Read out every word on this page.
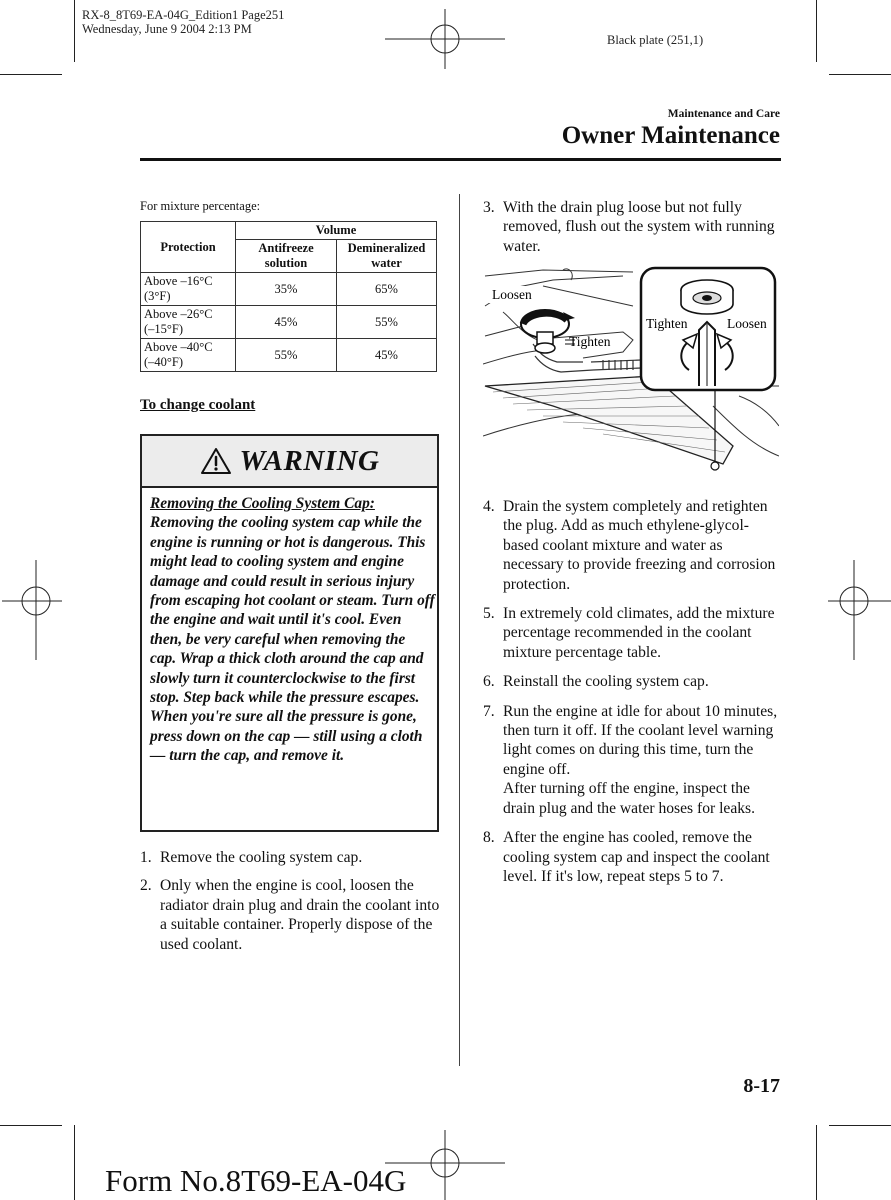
RX-8_8T69-EA-04G_Edition1 Page251
Wednesday, June 9 2004 2:13 PM
Black plate (251,1)
Maintenance and Care
Owner Maintenance
For mixture percentage:
Protection	Volume	
	Antifreeze solution	Demineralized water

Above –16°C
(3°F)	35%	65%

Above –26°C
(–15°F)	45%	55%

Above –40°C
(–40°F)	55%	45%
To change coolant
WARNING
Removing the Cooling System Cap:
Removing the cooling system cap while the engine is running or hot is dangerous. This might lead to cooling system and engine damage and could result in serious injury from escaping hot coolant or steam. Turn off the engine and wait until it's cool. Even then, be very careful when removing the cap. Wrap a thick cloth around the cap and slowly turn it counterclockwise to the first stop. Step back while the pressure escapes. When you're sure all the pressure is gone, press down on the cap — still using a cloth — turn the cap, and remove it.
1. Remove the cooling system cap.
2. Only when the engine is cool, loosen the radiator drain plug and drain the coolant into a suitable container. Properly dispose of the used coolant.
3. With the drain plug loose but not fully removed, flush out the system with running water.
Loosen
Tighten
Tighten	Loosen
4. Drain the system completely and retighten the plug. Add as much ethylene-glycol-based coolant mixture and water as necessary to provide freezing and corrosion protection.
5. In extremely cold climates, add the mixture percentage recommended in the coolant mixture percentage table.
6. Reinstall the cooling system cap.
7. Run the engine at idle for about 10 minutes, then turn it off. If the coolant level warning light comes on during this time, turn the engine off.
After turning off the engine, inspect the drain plug and the water hoses for leaks.
8. After the engine has cooled, remove the cooling system cap and inspect the coolant level. If it's low, repeat steps 5 to 7.
8-17
Form No.8T69-EA-04G
